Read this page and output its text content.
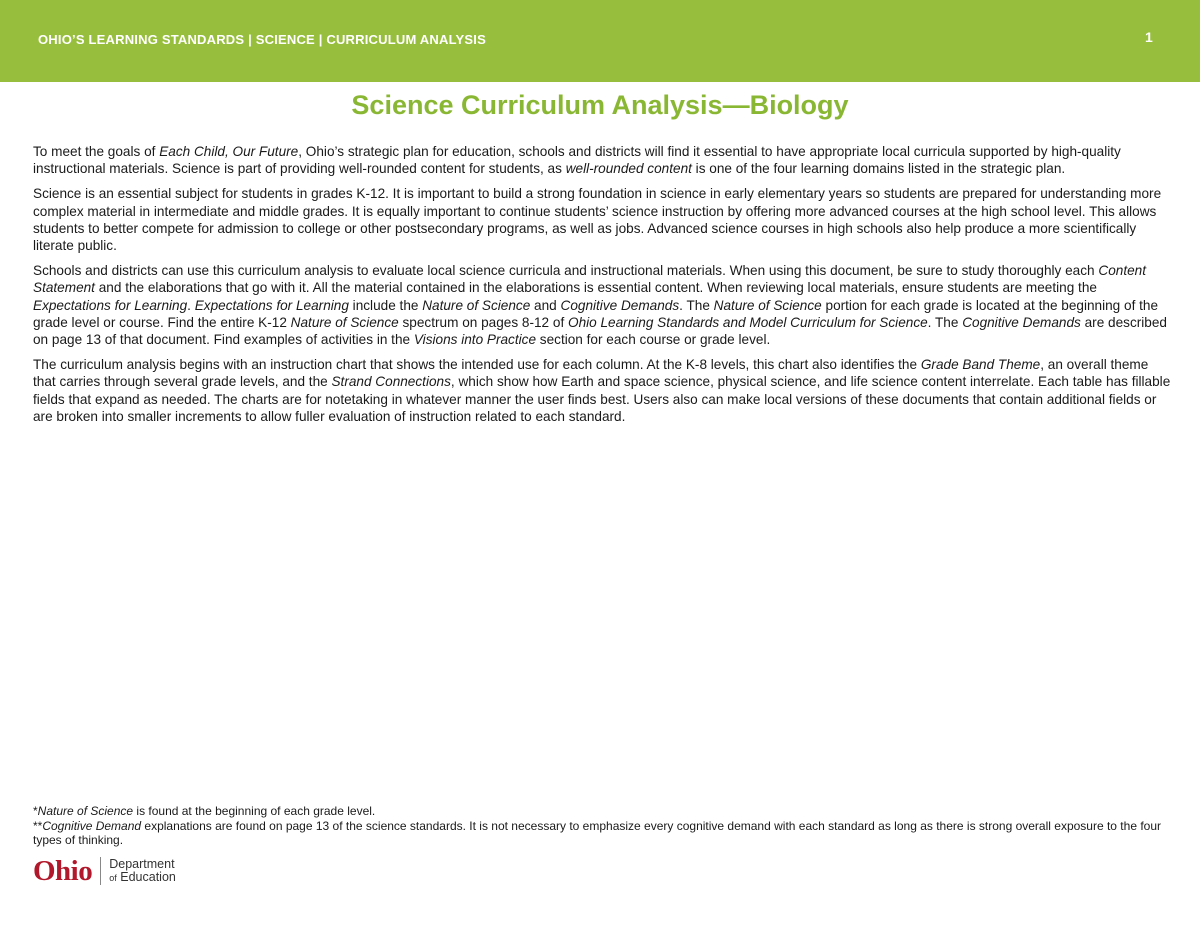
OHIO’S LEARNING STANDARDS | SCIENCE | CURRICULUM ANALYSIS	1
Science Curriculum Analysis—Biology

To meet the goals of Each Child, Our Future, Ohio’s strategic plan for education, schools and districts will find it essential to have appropriate local curricula supported by high-quality instructional materials. Science is part of providing well-rounded content for students, as well-rounded content is one of the four learning domains listed in the strategic plan.

Science is an essential subject for students in grades K-12. It is important to build a strong foundation in science in early elementary years so students are prepared for understanding more complex material in intermediate and middle grades. It is equally important to continue students’ science instruction by offering more advanced courses at the high school level. This allows students to better compete for admission to college or other postsecondary programs, as well as jobs. Advanced science courses in high schools also help produce a more scientifically literate public.

Schools and districts can use this curriculum analysis to evaluate local science curricula and instructional materials. When using this document, be sure to study thoroughly each Content Statement and the elaborations that go with it. All the material contained in the elaborations is essential content. When reviewing local materials, ensure students are meeting the Expectations for Learning. Expectations for Learning include the Nature of Science and Cognitive Demands. The Nature of Science portion for each grade is located at the beginning of the grade level or course. Find the entire K-12 Nature of Science spectrum on pages 8-12 of Ohio Learning Standards and Model Curriculum for Science. The Cognitive Demands are described on page 13 of that document. Find examples of activities in the Visions into Practice section for each course or grade level.

The curriculum analysis begins with an instruction chart that shows the intended use for each column. At the K-8 levels, this chart also identifies the Grade Band Theme, an overall theme that carries through several grade levels, and the Strand Connections, which show how Earth and space science, physical science, and life science content interrelate. Each table has fillable fields that expand as needed. The charts are for notetaking in whatever manner the user finds best. Users also can make local versions of these documents that contain additional fields or are broken into smaller increments to allow fuller evaluation of instruction related to each standard.

*Nature of Science is found at the beginning of each grade level.

**Cognitive Demand explanations are found on page 13 of the science standards. It is not necessary to emphasize every cognitive demand with each standard as long as there is strong overall exposure to the four types of thinking.

Ohio Department
of Education
